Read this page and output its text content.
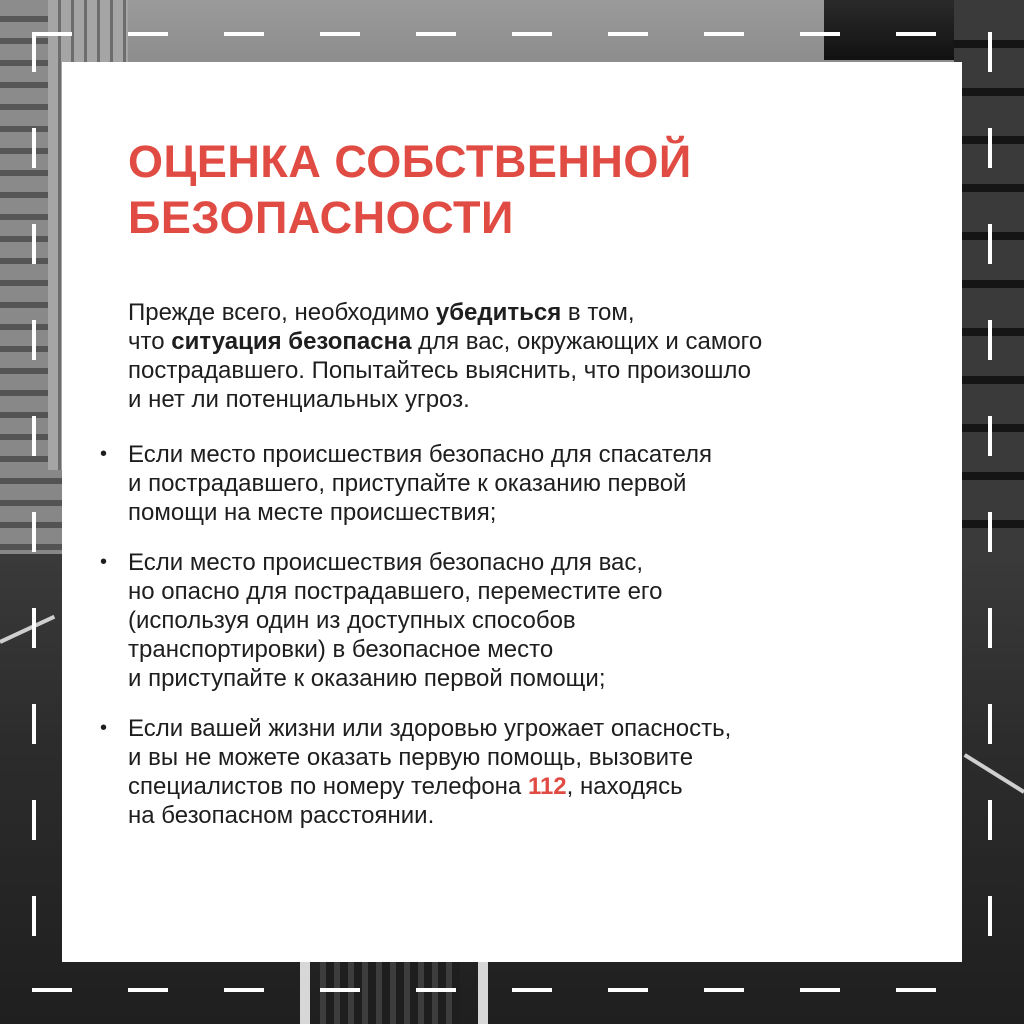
ОЦЕНКА СОБСТВЕННОЙ
БЕЗОПАСНОСТИ
Прежде всего, необходимо убедиться в том,
что ситуация безопасна для вас, окружающих и самого
пострадавшего. Попытайтесь выяснить, что произошло
и нет ли потенциальных угроз.
• Если место происшествия безопасно для спасателя
и пострадавшего, приступайте к оказанию первой
помощи на месте происшествия;
• Если место происшествия безопасно для вас,
но опасно для пострадавшего, переместите его
(используя один из доступных способов
транспортировки) в безопасное место
и приступайте к оказанию первой помощи;
• Если вашей жизни или здоровью угрожает опасность,
и вы не можете оказать первую помощь, вызовите
специалистов по номеру телефона 112, находясь
на безопасном расстоянии.
